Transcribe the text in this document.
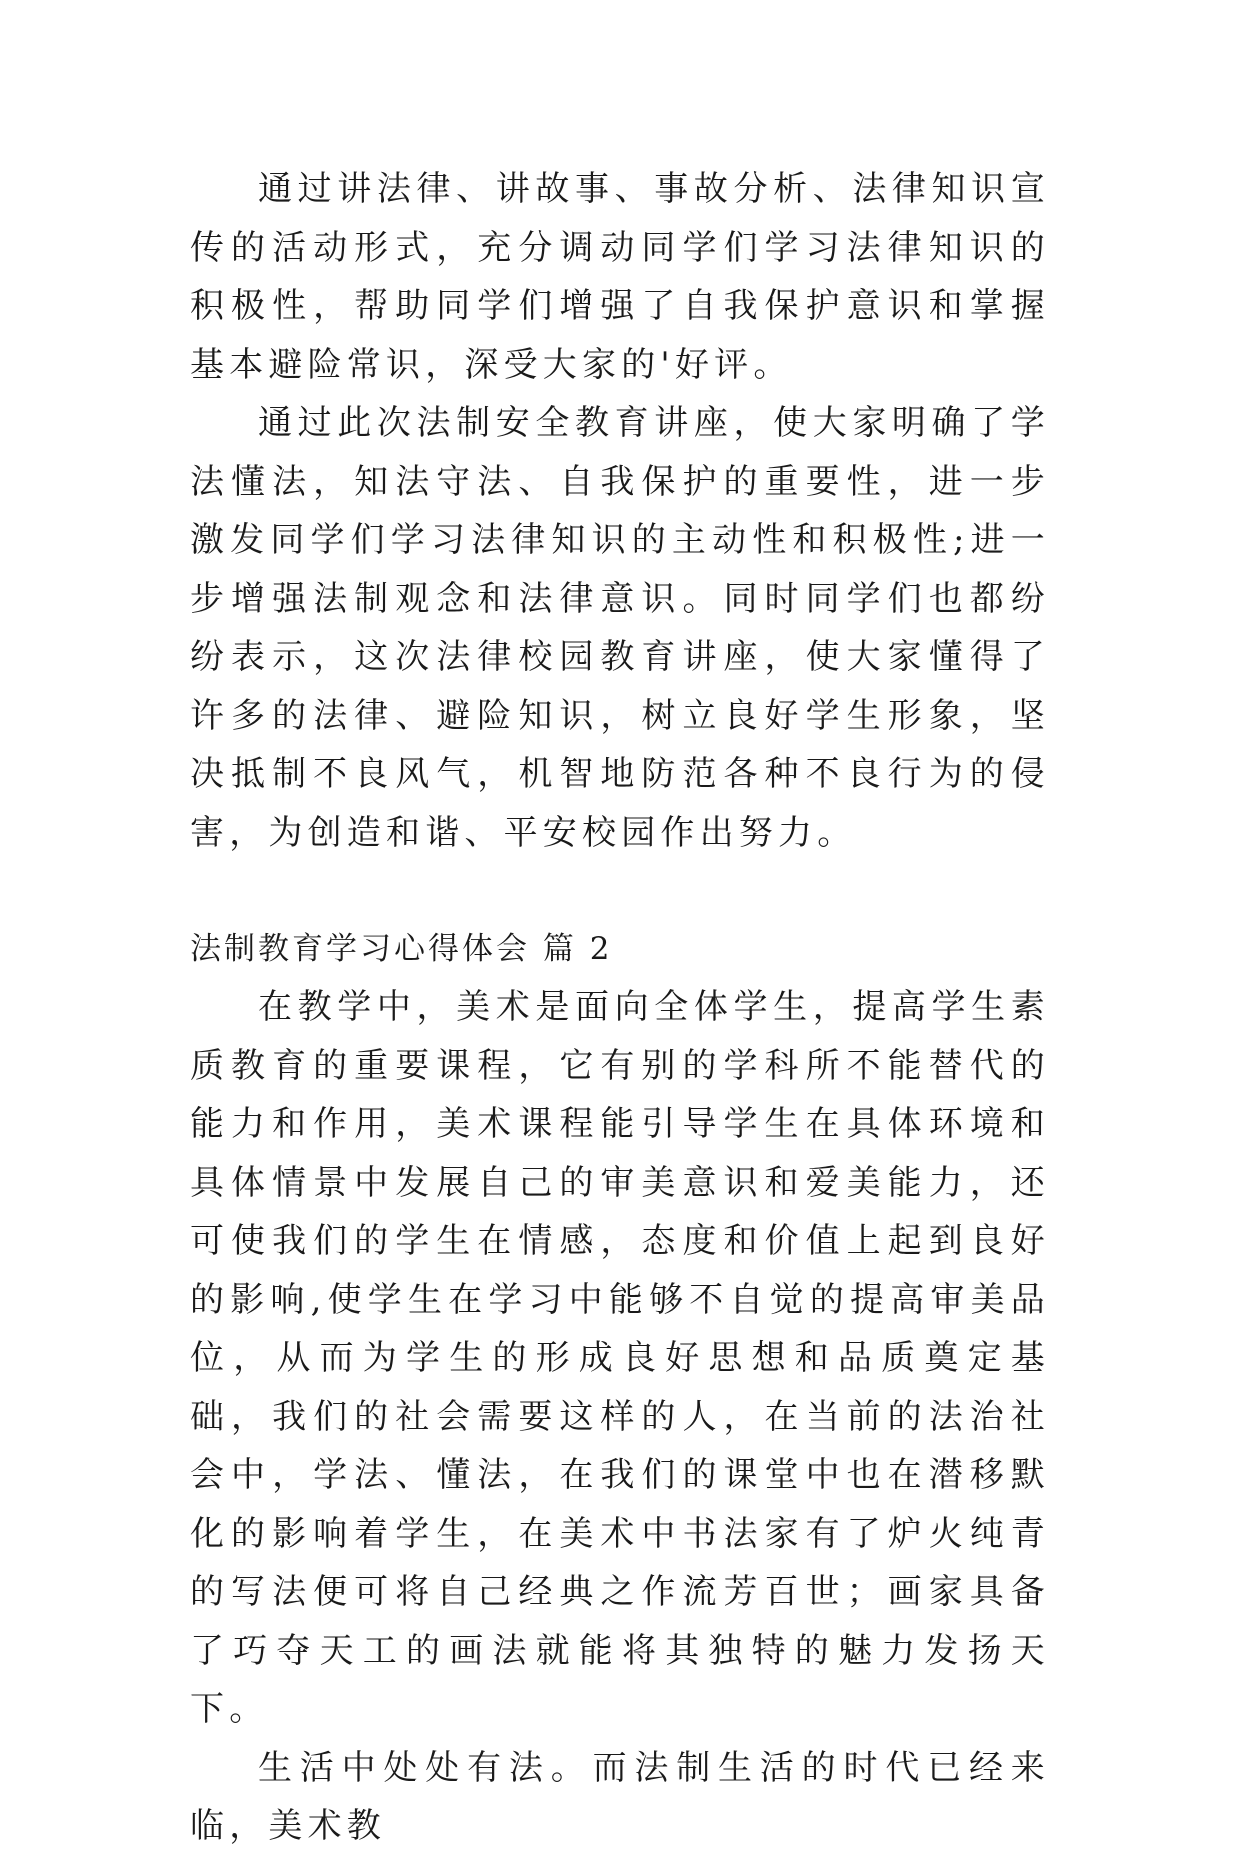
通过讲法律、讲故事、事故分析、法律知识宣传的活动形式，充分调动同学们学习法律知识的积极性，帮助同学们增强了自我保护意识和掌握基本避险常识，深受大家的'好评。

通过此次法制安全教育讲座，使大家明确了学法懂法，知法守法、自我保护的重要性，进一步激发同学们学习法律知识的主动性和积极性;进一步增强法制观念和法律意识。同时同学们也都纷纷表示，这次法律校园教育讲座，使大家懂得了许多的法律、避险知识，树立良好学生形象，坚决抵制不良风气，机智地防范各种不良行为的侵害，为创造和谐、平安校园作出努力。

法制教育学习心得体会 篇 2

在教学中，美术是面向全体学生，提高学生素质教育的重要课程，它有别的学科所不能替代的能力和作用，美术课程能引导学生在具体环境和具体情景中发展自己的审美意识和爱美能力，还可使我们的学生在情感，态度和价值上起到良好的影响,使学生在学习中能够不自觉的提高审美品位，从而为学生的形成良好思想和品质奠定基础，我们的社会需要这样的人，在当前的法治社会中，学法、懂法，在我们的课堂中也在潜移默化的影响着学生，在美术中书法家有了炉火纯青的写法便可将自己经典之作流芳百世；画家具备了巧夺天工的画法就能将其独特的魅力发扬天下。

生活中处处有法。而法制生活的时代已经来临，美术教
